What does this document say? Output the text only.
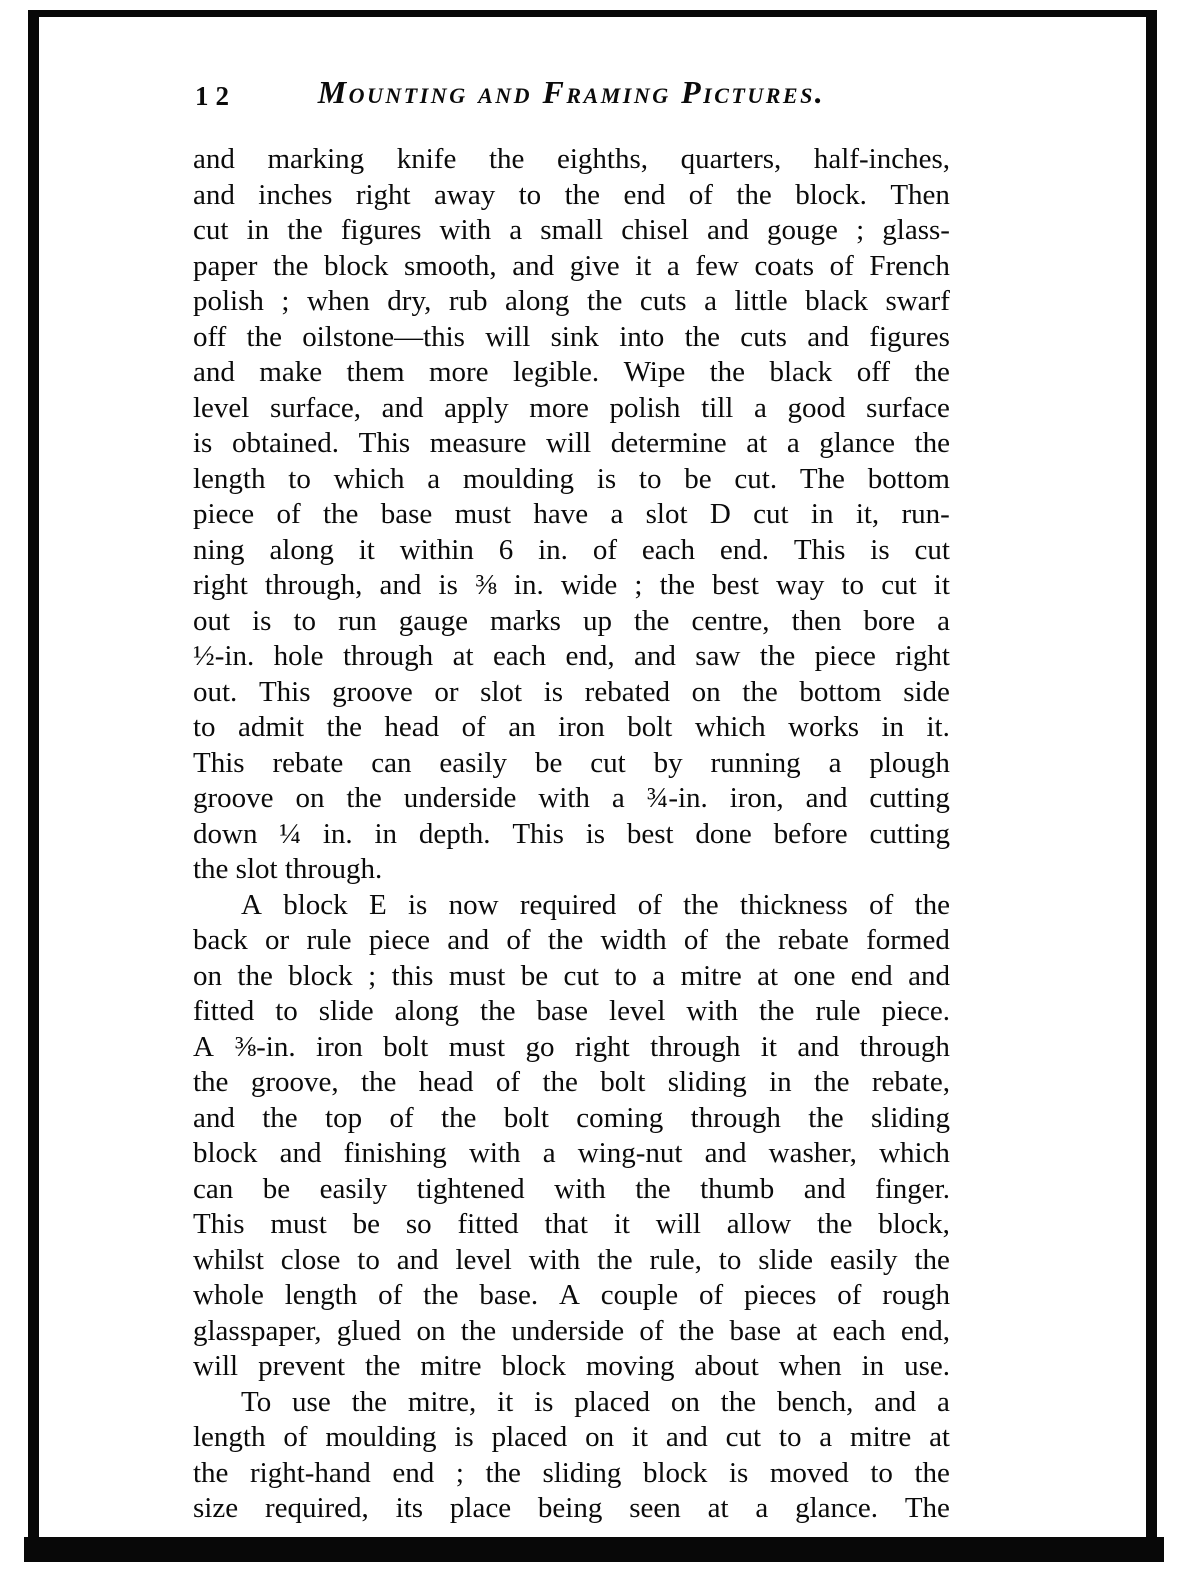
12	Mounting and Framing Pictures.
and marking knife the eighths, quarters, half-inches,
and inches right away to the end of the block. Then
cut in the figures with a small chisel and gouge ; glass-
paper the block smooth, and give it a few coats of French
polish ; when dry, rub along the cuts a little black swarf
off the oilstone—this will sink into the cuts and figures
and make them more legible. Wipe the black off the
level surface, and apply more polish till a good surface
is obtained. This measure will determine at a glance the
length to which a moulding is to be cut. The bottom
piece of the base must have a slot D cut in it, run-
ning along it within 6 in. of each end. This is cut
right through, and is ⅜ in. wide ; the best way to cut it
out is to run gauge marks up the centre, then bore a
½-in. hole through at each end, and saw the piece right
out. This groove or slot is rebated on the bottom side
to admit the head of an iron bolt which works in it.
This rebate can easily be cut by running a plough
groove on the underside with a ¾-in. iron, and cutting
down ¼ in. in depth. This is best done before cutting
the slot through.
A block E is now required of the thickness of the
back or rule piece and of the width of the rebate formed
on the block ; this must be cut to a mitre at one end and
fitted to slide along the base level with the rule piece.
A ⅜-in. iron bolt must go right through it and through
the groove, the head of the bolt sliding in the rebate,
and the top of the bolt coming through the sliding
block and finishing with a wing-nut and washer, which
can be easily tightened with the thumb and finger.
This must be so fitted that it will allow the block,
whilst close to and level with the rule, to slide easily the
whole length of the base. A couple of pieces of rough
glasspaper, glued on the underside of the base at each end,
will prevent the mitre block moving about when in use.
To use the mitre, it is placed on the bench, and a
length of moulding is placed on it and cut to a mitre at
the right-hand end ; the sliding block is moved to the
size required, its place being seen at a glance. The
